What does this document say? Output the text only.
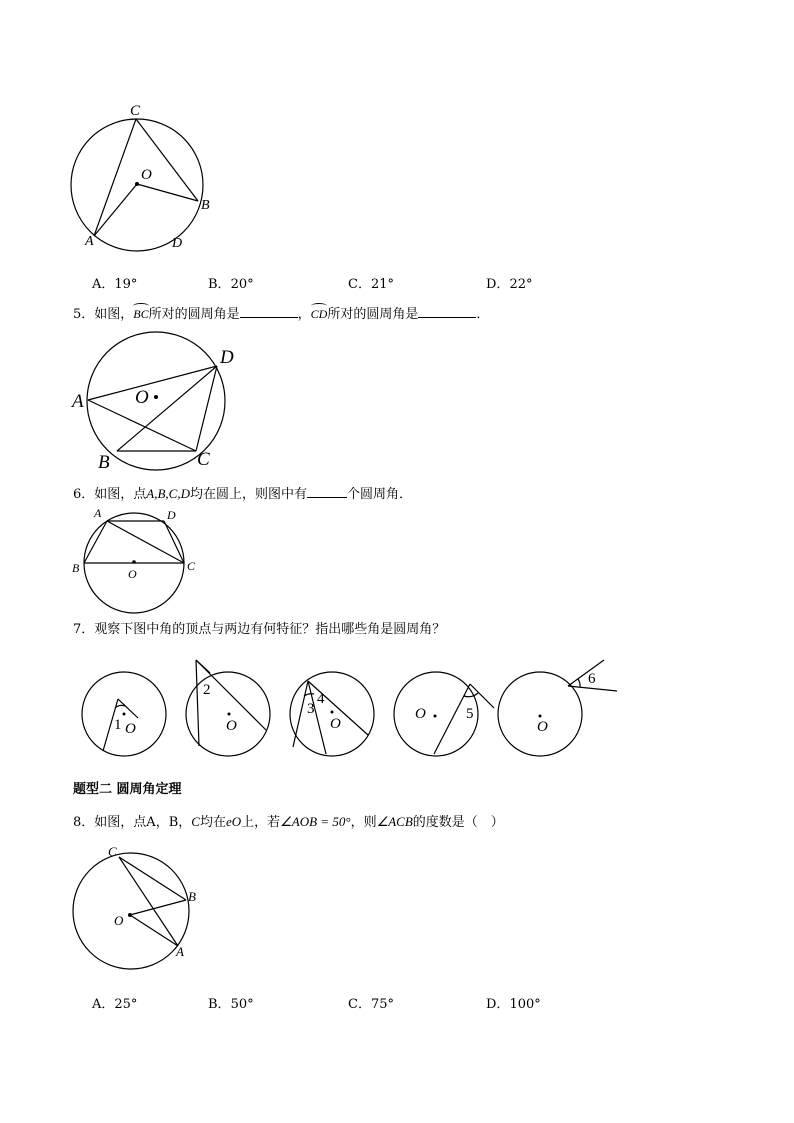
C
O
B
A	D
A．19°	B．20°	C．21°	D．22°
5．如图，BC所对的圆周角是	，CD所对的圆周角是	．
A	O
D
B	C
6．如图，点A,B,C,D均在圆上，则图中有	个圆周角．
A	D
B	O
C
7．观察下图中角的顶点与两边有何特征？指出哪些角是圆周角？
1 O
2
O
3
4
O
O	5
6
O
题型二 圆周角定理
8．如图，点A，B，C均在eO上，若∠AOB = 50°，则∠ACB的度数是（　）
C
B
O
A
A．25°	B．50°	C．75°	D．100°
